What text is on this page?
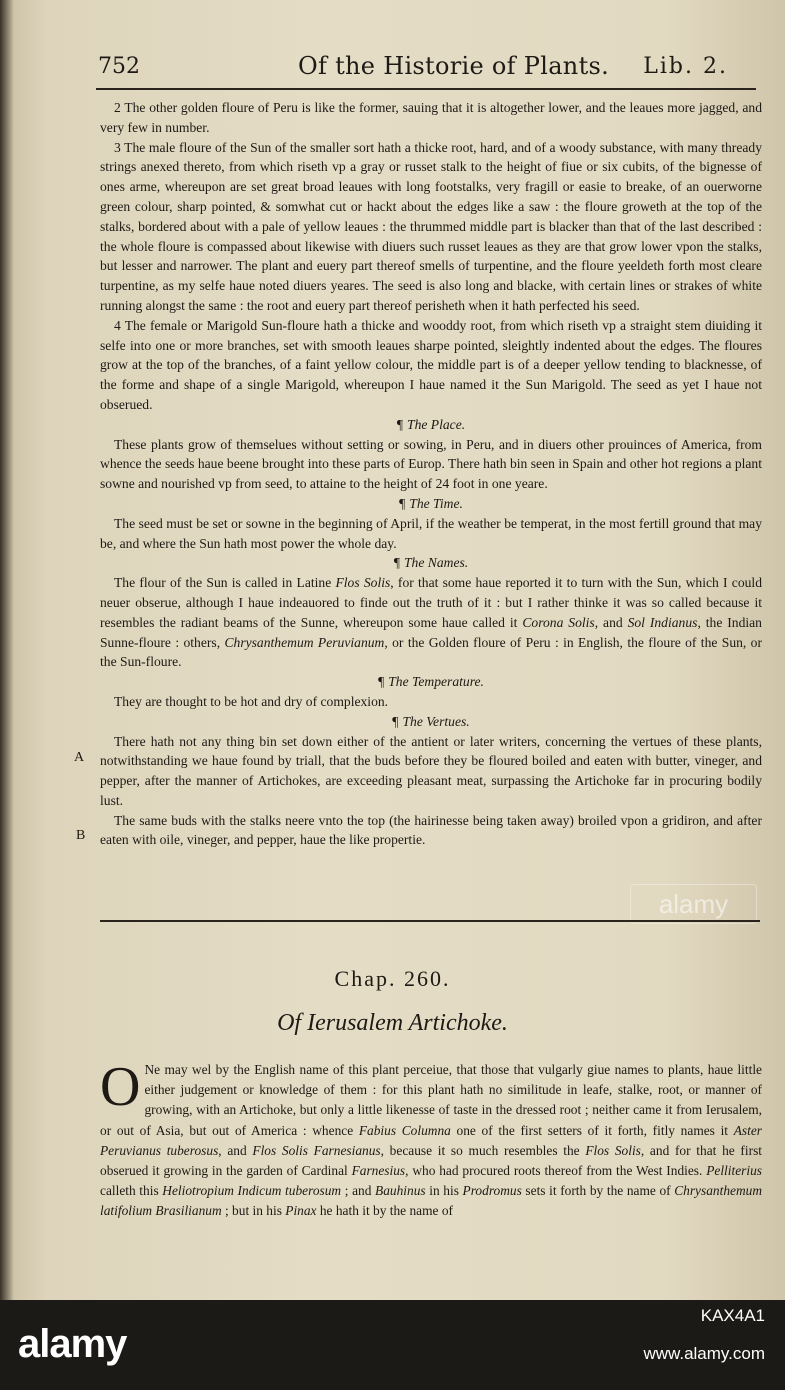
752	Of the Historie of Plants. Lib. 2.

2 The other golden floure of Peru is like the former, sauing that it is altogether lower, and the leaues more jagged, and very few in number.

3 The male floure of the Sun of the smaller sort hath a thicke root, hard, and of a woody substance, with many thready strings anexed thereto, from which riseth vp a gray or russet stalk to the height of fiue or six cubits, of the bignesse of ones arme, whereupon are set great broad leaues with long footstalks, very fragill or easie to breake, of an ouerworne green colour, sharp pointed, & somwhat cut or hackt about the edges like a saw : the floure groweth at the top of the stalks, bordered about with a pale of yellow leaues : the thrummed middle part is blacker than that of the last described : the whole floure is compassed about likewise with diuers such russet leaues as they are that grow lower vpon the stalks, but lesser and narrower. The plant and euery part thereof smells of turpentine, and the floure yeeldeth forth most cleare turpentine, as my selfe haue noted diuers yeares. The seed is also long and blacke, with certain lines or strakes of white running alongst the same : the root and euery part thereof perisheth when it hath perfected his seed.

4 The female or Marigold Sun-floure hath a thicke and wooddy root, from which riseth vp a straight stem diuiding it selfe into one or more branches, set with smooth leaues sharpe pointed, sleightly indented about the edges. The floures grow at the top of the branches, of a faint yellow colour, the middle part is of a deeper yellow tending to blacknesse, of the forme and shape of a single Marigold, whereupon I haue named it the Sun Marigold. The seed as yet I haue not obserued.

¶ The Place.

These plants grow of themselues without setting or sowing, in Peru, and in diuers other prouinces of America, from whence the seeds haue beene brought into these parts of Europ. There hath bin seen in Spain and other hot regions a plant sowne and nourished vp from seed, to attaine to the height of 24 foot in one yeare.

¶ The Time.

The seed must be set or sowne in the beginning of April, if the weather be temperat, in the most fertill ground that may be, and where the Sun hath most power the whole day.

¶ The Names.

The flour of the Sun is called in Latine Flos Solis, for that some haue reported it to turn with the Sun, which I could neuer obserue, although I haue indeauored to finde out the truth of it : but I rather thinke it was so called because it resembles the radiant beams of the Sunne, whereupon some haue called it Corona Solis, and Sol Indianus, the Indian Sunne-floure : others, Chrysanthemum Peruvianum, or the Golden floure of Peru : in English, the floure of the Sun, or the Sun-floure.

¶ The Temperature.

They are thought to be hot and dry of complexion.

¶ The Vertues.

There hath not any thing bin set down either of the antient or later writers, concerning the vertues of these plants, notwithstanding we haue found by triall, that the buds before they be floured boiled and eaten with butter, vineger, and pepper, after the manner of Artichokes, are exceeding pleasant meat, surpassing the Artichoke far in procuring bodily lust.

The same buds with the stalks neere vnto the top (the hairinesse being taken away) broiled vpon a gridiron, and after eaten with oile, vineger, and pepper, haue the like propertie.

A
B
alamy
Chap. 260.
Of Ierusalem Artichoke.

O Ne may wel by the English name of this plant perceiue, that those that vulgarly giue names to plants, haue little either judgement or knowledge of them : for this plant hath no similitude in leafe, stalke, root, or manner of growing, with an Artichoke, but only a little likenesse of taste in the dressed root ; neither came it from Ierusalem, or out of Asia, but out of America : whence Fabius Columna one of the first setters of it forth, fitly names it Aster Peruvianus tuberosus, and Flos Solis Farnesianus, because it so much resembles the Flos Solis, and for that he first obserued it growing in the garden of Cardinal Farnesius, who had procured roots thereof from the West Indies. Pelliterius calleth this Heliotropium Indicum tuberosum ; and Bauhinus in his Prodromus sets it forth by the name of Chrysanthemum latifolium Brasilianum ; but in his Pinax he hath it by the name of

alamy
KAX4A1
www.alamy.com
